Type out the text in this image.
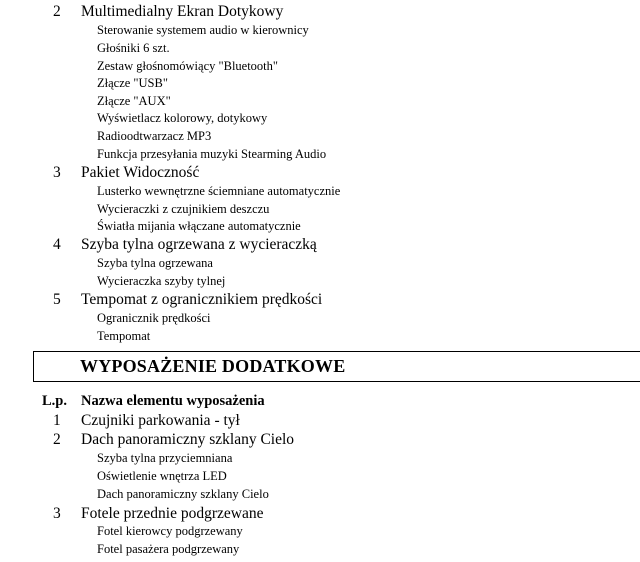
2 Multimedialny Ekran Dotykowy
Sterowanie systemem audio w kierownicy
Głośniki 6 szt.
Zestaw głośnomówiący "Bluetooth"
Złącze "USB"
Złącze "AUX"
Wyświetlacz kolorowy, dotykowy
Radioodtwarzacz MP3
Funkcja przesyłania muzyki Stearming Audio
3 Pakiet Widoczność
Lusterko wewnętrzne ściemniane automatycznie
Wycieraczki z czujnikiem deszczu
Światła mijania włączane automatycznie
4 Szyba tylna ogrzewana z wycieraczką
Szyba tylna ogrzewana
Wycieraczka szyby tylnej
5 Tempomat z ogranicznikiem prędkości
Ogranicznik prędkości
Tempomat
WYPOSAŻENIE DODATKOWE
L.p. Nazwa elementu wyposażenia
1 Czujniki parkowania - tył
2 Dach panoramiczny szklany Cielo
Szyba tylna przyciemniana
Oświetlenie wnętrza LED
Dach panoramiczny szklany Cielo
3 Fotele przednie podgrzewane
Fotel kierowcy podgrzewany
Fotel pasażera podgrzewany
